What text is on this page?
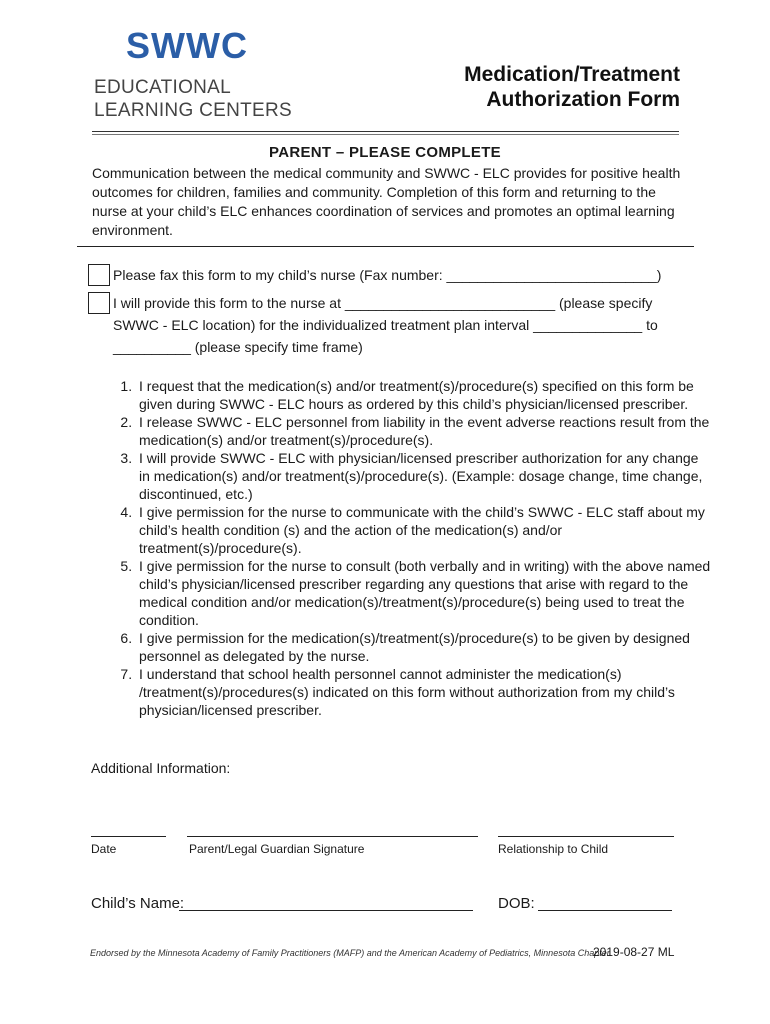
SWWC
EDUCATIONAL
LEARNING CENTERS
Medication/Treatment
Authorization Form
PARENT – PLEASE COMPLETE
Communication between the medical community and SWWC - ELC provides for positive health outcomes for children, families and community. Completion of this form and returning to the nurse at your child’s ELC enhances coordination of services and promotes an optimal learning environment.
Please fax this form to my child’s nurse (Fax number: ___________________________)
I will provide this form to the nurse at ___________________________ (please specify
SWWC - ELC location) for the individualized treatment plan interval ______________ to
__________ (please specify time frame)
1. I request that the medication(s) and/or treatment(s)/procedure(s) specified on this form be given during SWWC - ELC hours as ordered by this child’s physician/licensed prescriber.
2. I release SWWC - ELC personnel from liability in the event adverse reactions result from the medication(s) and/or treatment(s)/procedure(s).
3. I will provide SWWC - ELC with physician/licensed prescriber authorization for any change in medication(s) and/or treatment(s)/procedure(s). (Example: dosage change, time change, discontinued, etc.)
4. I give permission for the nurse to communicate with the child’s SWWC - ELC staff about my child’s health condition (s) and the action of the medication(s) and/or treatment(s)/procedure(s).
5. I give permission for the nurse to consult (both verbally and in writing) with the above named child’s physician/licensed prescriber regarding any questions that arise with regard to the medical condition and/or medication(s)/treatment(s)/procedure(s) being used to treat the condition.
6. I give permission for the medication(s)/treatment(s)/procedure(s) to be given by designed personnel as delegated by the nurse.
7. I understand that school health personnel cannot administer the medication(s) /treatment(s)/procedures(s) indicated on this form without authorization from my child’s physician/licensed prescriber.
Additional Information:
Date	Parent/Legal Guardian Signature	Relationship to Child
Child’s Name:	DOB:
Endorsed by the Minnesota Academy of Family Practitioners (MAFP) and the American Academy of Pediatrics, Minnesota Chapter.
2019-08-27 ML
